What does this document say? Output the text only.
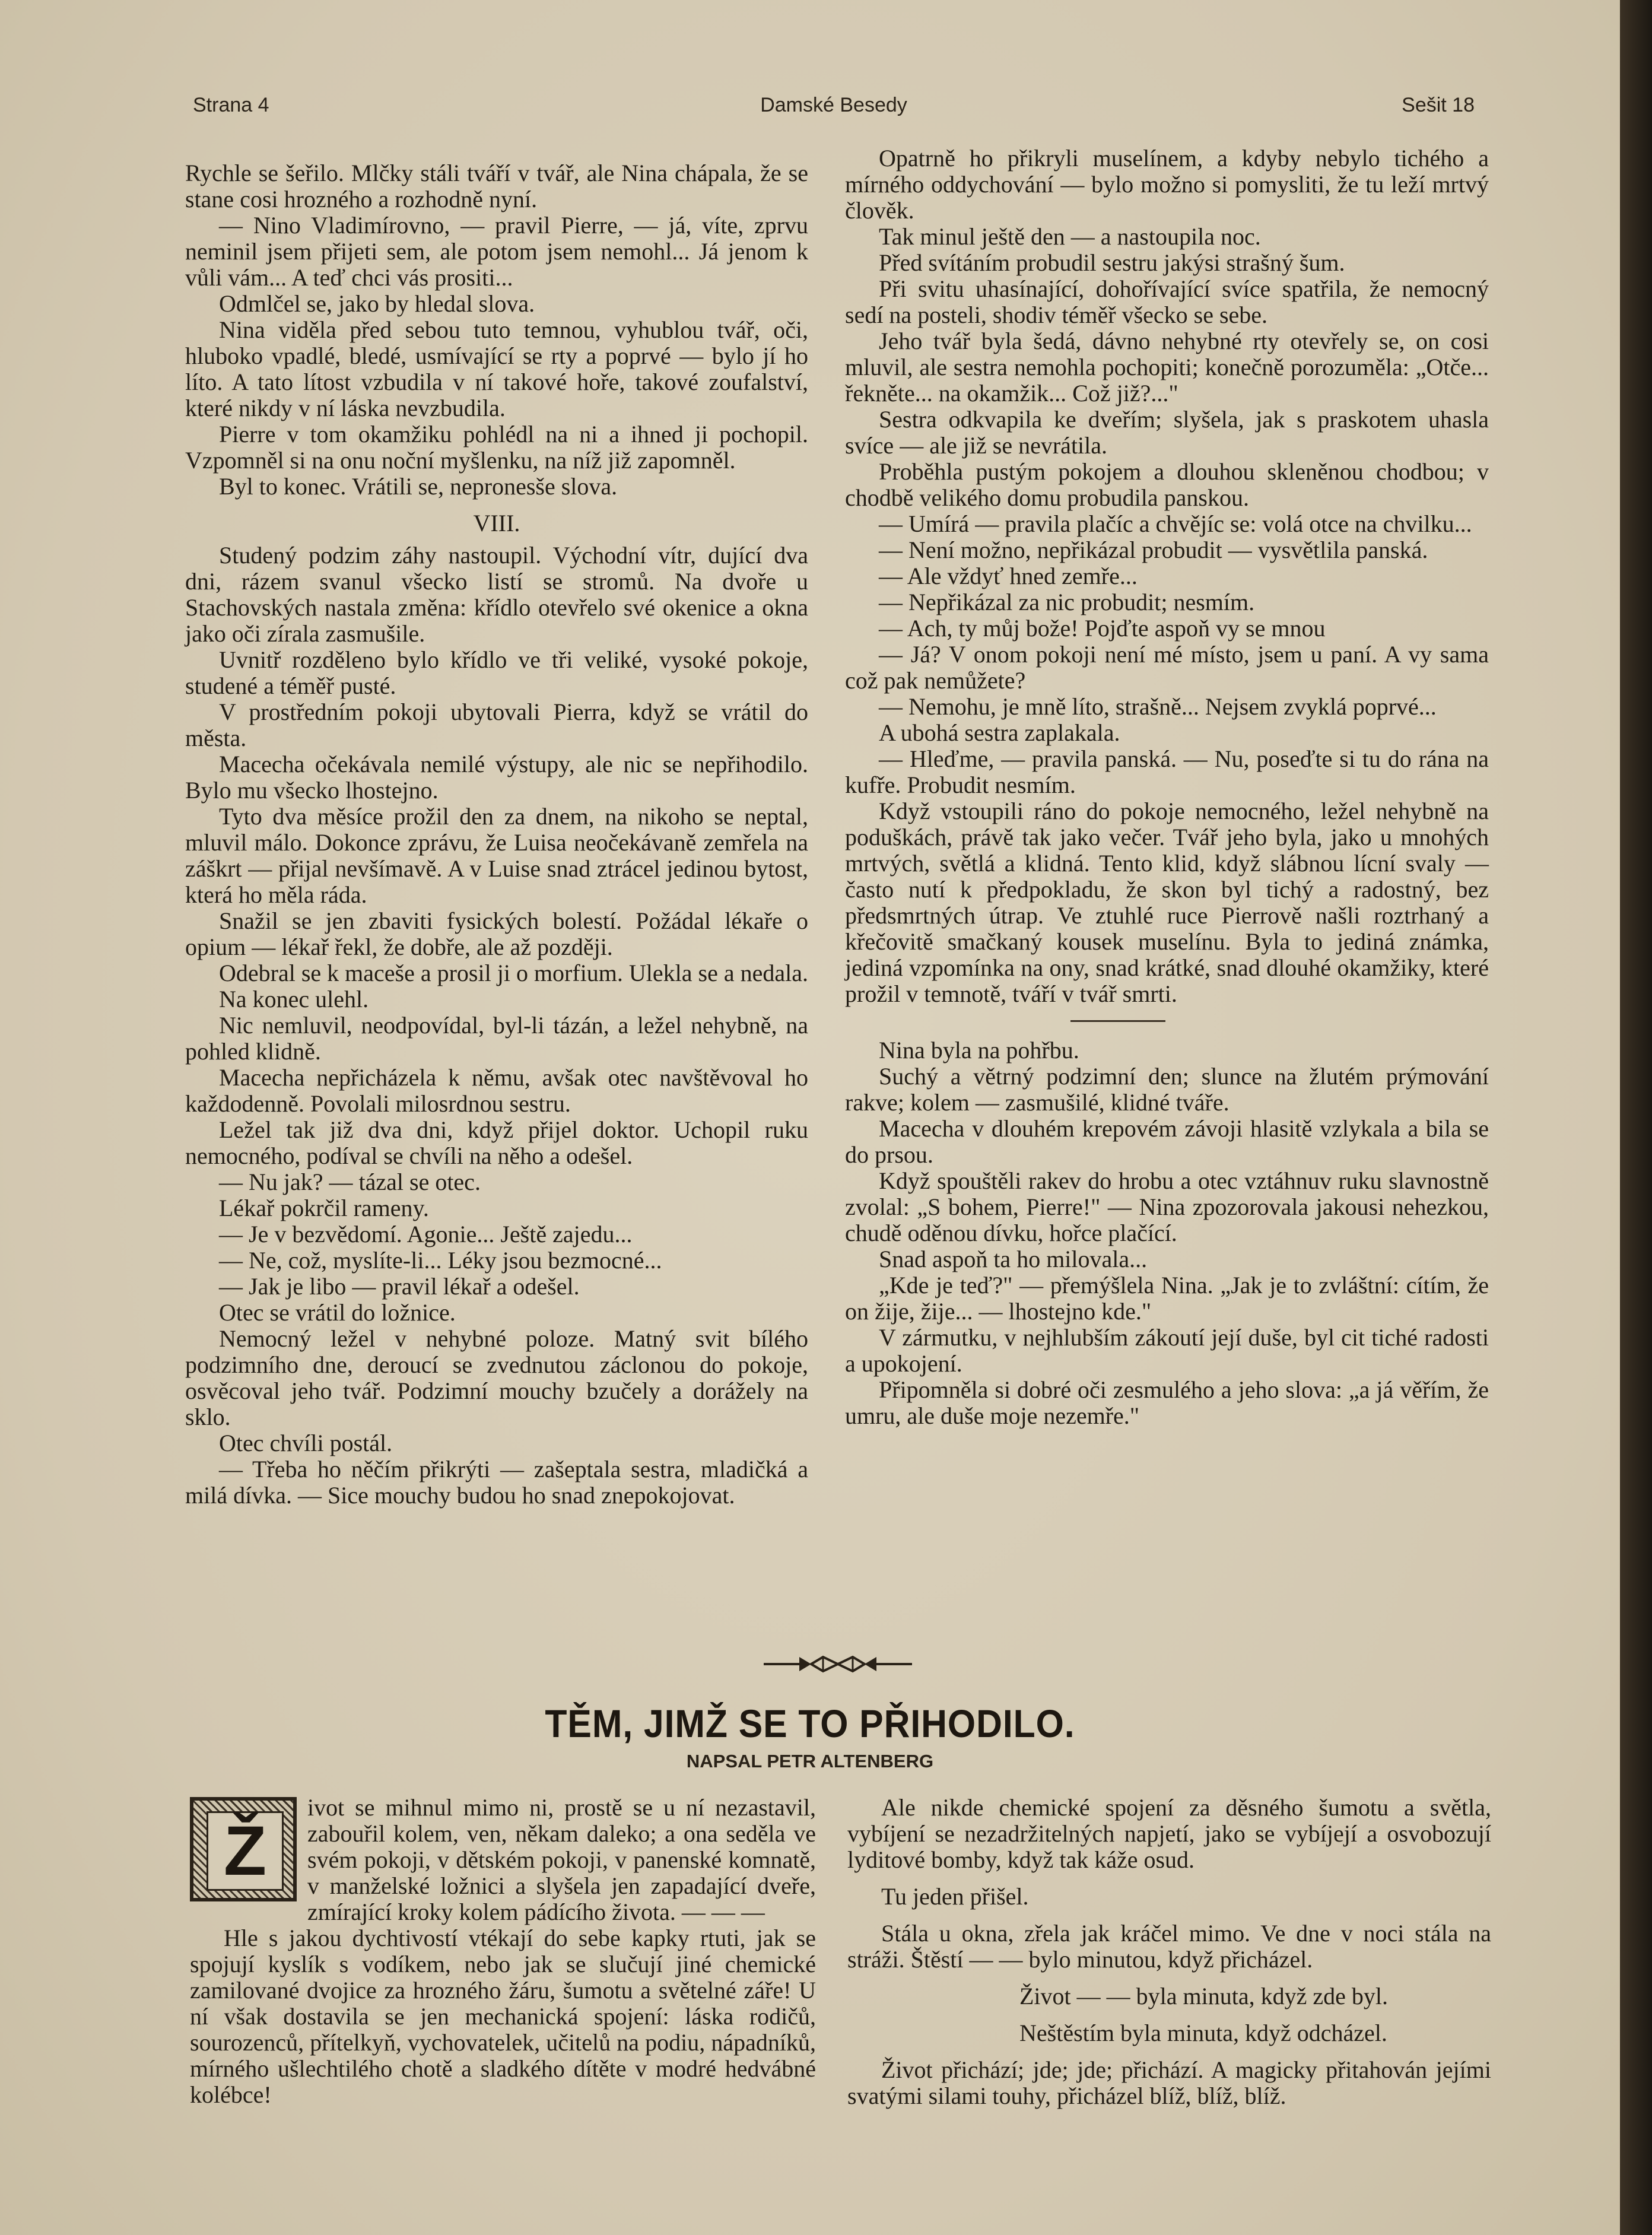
Strana 4	Damské Besedy	Sešit 18

Rychle se šeřilo. Mlčky stáli tváří v tvář, ale Nina chápala, že se stane cosi hrozného a rozhodně nyní.

— Nino Vladimírovno, — pravil Pierre, — já, víte, zprvu neminil jsem přijeti sem, ale potom jsem nemohl... Já jenom k vůli vám... A teď chci vás prositi...

Odmlčel se, jako by hledal slova.

Nina viděla před sebou tuto temnou, vyhublou tvář, oči, hluboko vpadlé, bledé, usmívající se rty a poprvé — bylo jí ho líto. A tato lítost vzbudila v ní takové hoře, takové zoufalství, které nikdy v ní láska nevzbudila.

Pierre v tom okamžiku pohlédl na ni a ihned ji pochopil. Vzpomněl si na onu noční myšlenku, na níž již zapomněl.

Byl to konec. Vrátili se, nepronesše slova.

VIII.

Studený podzim záhy nastoupil. Východní vítr, dující dva dni, rázem svanul všecko listí se stromů. Na dvoře u Stachovských nastala změna: křídlo otevřelo své okenice a okna jako oči zírala zasmušile.

Uvnitř rozděleno bylo křídlo ve tři veliké, vysoké pokoje, studené a téměř pusté.

V prostředním pokoji ubytovali Pierra, když se vrátil do města.

Macecha očekávala nemilé výstupy, ale nic se nepřihodilo. Bylo mu všecko lhostejno.

Tyto dva měsíce prožil den za dnem, na nikoho se neptal, mluvil málo. Dokonce zprávu, že Luisa neočekávaně zemřela na záškrt — přijal nevšímavě. A v Luise snad ztrácel jedinou bytost, která ho měla ráda.

Snažil se jen zbaviti fysických bolestí. Požádal lékaře o opium — lékař řekl, že dobře, ale až později.

Odebral se k maceše a prosil ji o morfium. Ulekla se a nedala.

Na konec ulehl.

Nic nemluvil, neodpovídal, byl-li tázán, a ležel nehybně, na pohled klidně.

Macecha nepřicházela k němu, avšak otec navštěvoval ho každodenně. Povolali milosrdnou sestru.

Ležel tak již dva dni, když přijel doktor. Uchopil ruku nemocného, podíval se chvíli na něho a odešel.

— Nu jak? — tázal se otec.

Lékař pokrčil rameny.

— Je v bezvědomí. Agonie... Ještě zajedu...

— Ne, což, myslíte-li... Léky jsou bezmocné...

— Jak je libo — pravil lékař a odešel.

Otec se vrátil do ložnice.

Nemocný ležel v nehybné poloze. Matný svit bílého podzimního dne, deroucí se zvednutou záclonou do pokoje, osvěcoval jeho tvář. Podzimní mouchy bzučely a dorážely na sklo.

Otec chvíli postál.

— Třeba ho něčím přikrýti — zašeptala sestra, mladičká a milá dívka. — Sice mouchy budou ho snad znepokojovat.

Opatrně ho přikryli muselínem, a kdyby nebylo tichého a mírného oddychování — bylo možno si pomysliti, že tu leží mrtvý člověk.

Tak minul ještě den — a nastoupila noc.

Před svítáním probudil sestru jakýsi strašný šum.

Při svitu uhasínající, dohořívající svíce spatřila, že nemocný sedí na posteli, shodiv téměř všecko se sebe.

Jeho tvář byla šedá, dávno nehybné rty otevřely se, on cosi mluvil, ale sestra nemohla pochopiti; konečně porozuměla: „Otče... řekněte... na okamžik... Což již?..."

Sestra odkvapila ke dveřím; slyšela, jak s praskotem uhasla svíce — ale již se nevrátila.

Proběhla pustým pokojem a dlouhou skleněnou chodbou; v chodbě velikého domu probudila panskou.

— Umírá — pravila plačíc a chvějíc se: volá otce na chvilku...

— Není možno, nepřikázal probudit — vysvětlila panská.

— Ale vždyť hned zemře...

— Nepřikázal za nic probudit; nesmím.

— Ach, ty můj bože! Pojďte aspoň vy se mnou

— Já? V onom pokoji není mé místo, jsem u paní. A vy sama což pak nemůžete?

— Nemohu, je mně líto, strašně... Nejsem zvyklá poprvé...

A ubohá sestra zaplakala.

— Hleďme, — pravila panská. — Nu, poseďte si tu do rána na kufře. Probudit nesmím.

Když vstoupili ráno do pokoje nemocného, ležel nehybně na poduškách, právě tak jako večer. Tvář jeho byla, jako u mnohých mrtvých, světlá a klidná. Tento klid, když slábnou lícní svaly — často nutí k předpokladu, že skon byl tichý a radostný, bez předsmrtných útrap. Ve ztuhlé ruce Pierrově našli roztrhaný a křečovitě smačkaný kousek muselínu. Byla to jediná známka, jediná vzpomínka na ony, snad krátké, snad dlouhé okamžiky, které prožil v temnotě, tváří v tvář smrti.

Nina byla na pohřbu.

Suchý a větrný podzimní den; slunce na žlutém prýmování rakve; kolem — zasmušilé, klidné tváře.

Macecha v dlouhém krepovém závoji hlasitě vzlykala a bila se do prsou.

Když spouštěli rakev do hrobu a otec vztáhnuv ruku slavnostně zvolal: „S bohem, Pierre!" — Nina zpozorovala jakousi nehezkou, chudě oděnou dívku, hořce plačící.

Snad aspoň ta ho milovala...

„Kde je teď?" — přemýšlela Nina. „Jak je to zvláštní: cítím, že on žije, žije... — lhostejno kde."

V zármutku, v nejhlubším zákoutí její duše, byl cit tiché radosti a upokojení.

Připomněla si dobré oči zesmulého a jeho slova: „a já věřím, že umru, ale duše moje nezemře."

TĚM, JIMŽ SE TO PŘIHODILO.
NAPSAL PETR ALTENBERG
Ž

ivot se mihnul mimo ni, prostě se u ní nezastavil, zabouřil kolem, ven, někam daleko; a ona seděla ve svém pokoji, v dětském pokoji, v panenské komnatě, v manželské ložnici a slyšela jen zapadající dveře, zmírající kroky kolem pádícího života. — — —

Hle s jakou dychtivostí vtékají do sebe kapky rtuti, jak se spojují kyslík s vodíkem, nebo jak se slučují jiné chemické zamilované dvojice za hrozného žáru, šumotu a světelné záře! U ní však dostavila se jen mechanická spojení: láska rodičů, sourozenců, přítelkyň, vychovatelek, učitelů na podiu, nápadníků, mírného ušlechtilého chotě a sladkého dítěte v modré hedvábné kolébce!

Ale nikde chemické spojení za děsného šumotu a světla, vybíjení se nezadržitelných napjetí, jako se vybíjejí a osvobozují lyditové bomby, když tak káže osud.

Tu jeden přišel.

Stála u okna, zřela jak kráčel mimo. Ve dne v noci stála na stráži. Štěstí — — bylo minutou, když přicházel.

Život — — byla minuta, když zde byl.

Neštěstím byla minuta, když odcházel.

Život přichází; jde; jde; přichází. A magicky přitahován jejími svatými silami touhy, přicházel blíž, blíž, blíž.
